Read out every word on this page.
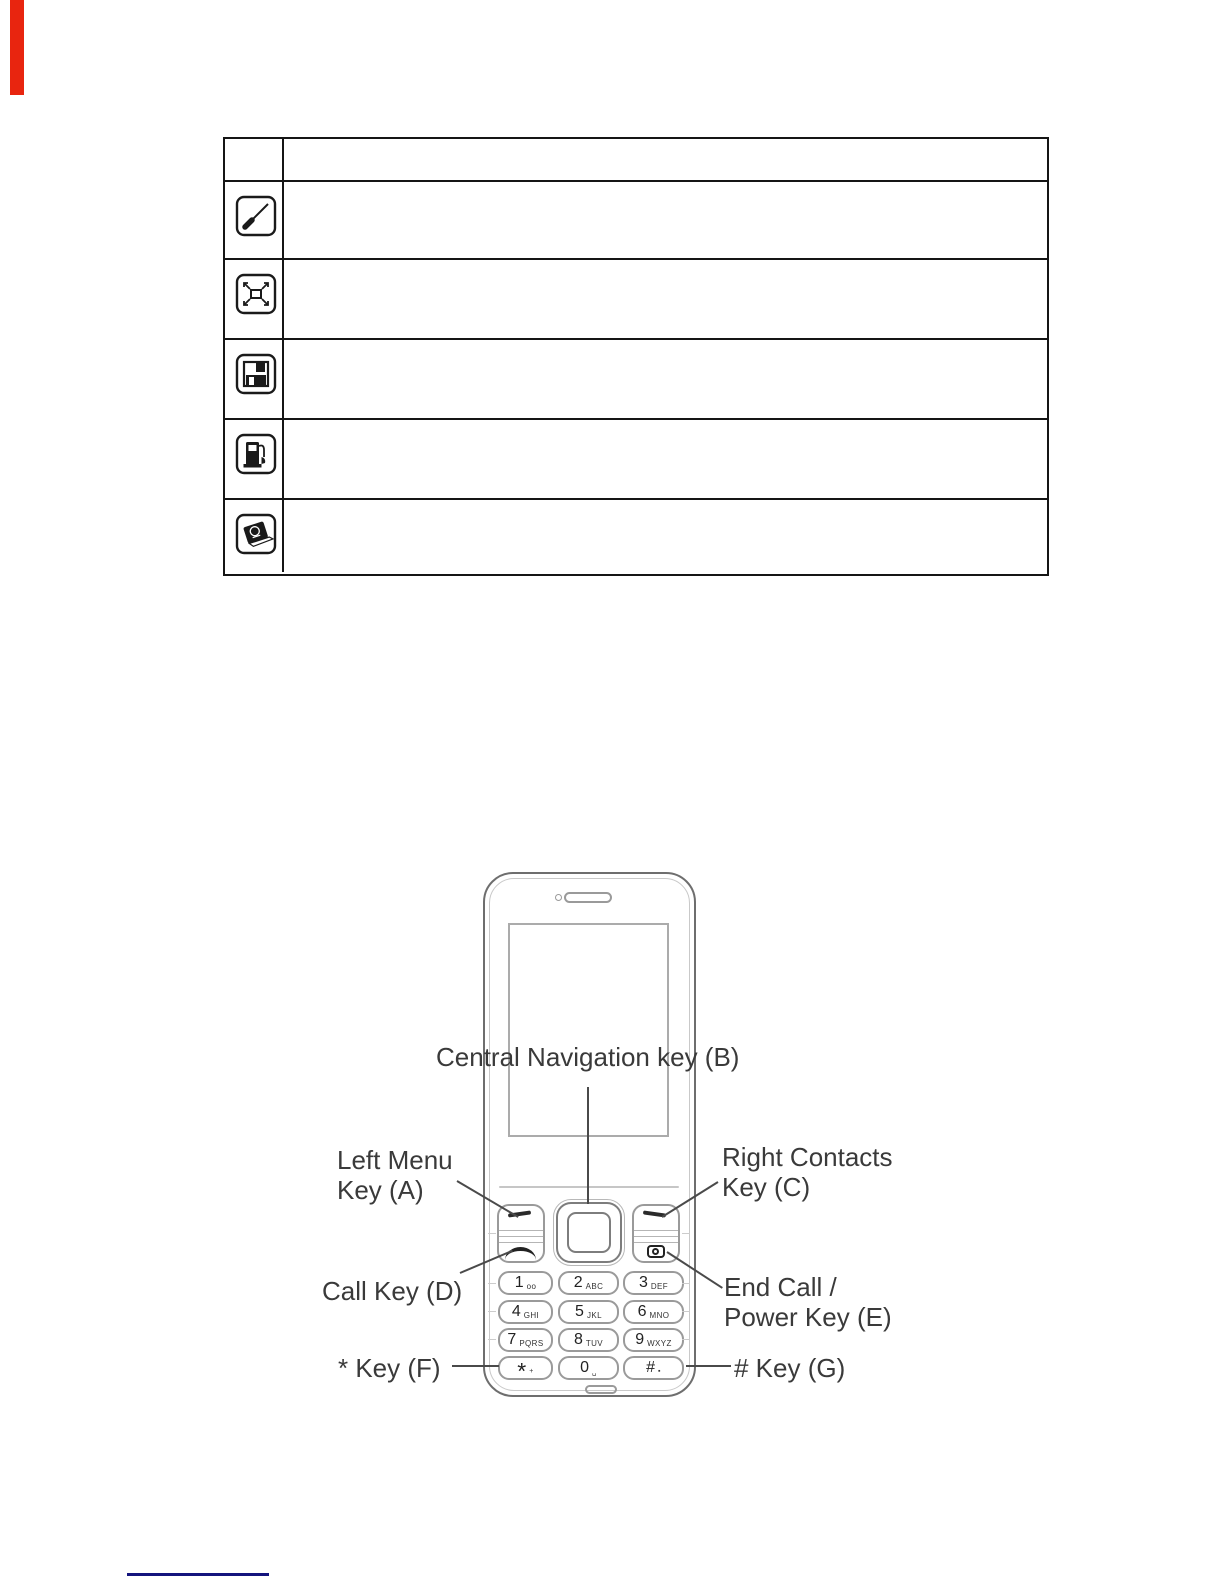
1 oo 2 ABC 3 DEF
4 GHI 5 JKL 6 MNO
7 PQRS 8 TUV 9 WXYZ
* +	0 ␣	# ▪
Central Navigation key (B)
Left Menu
Key (A)
Right Contacts
Key (C)
Call Key (D)	End Call /
Power Key (E)
* Key (F)	# Key (G)
